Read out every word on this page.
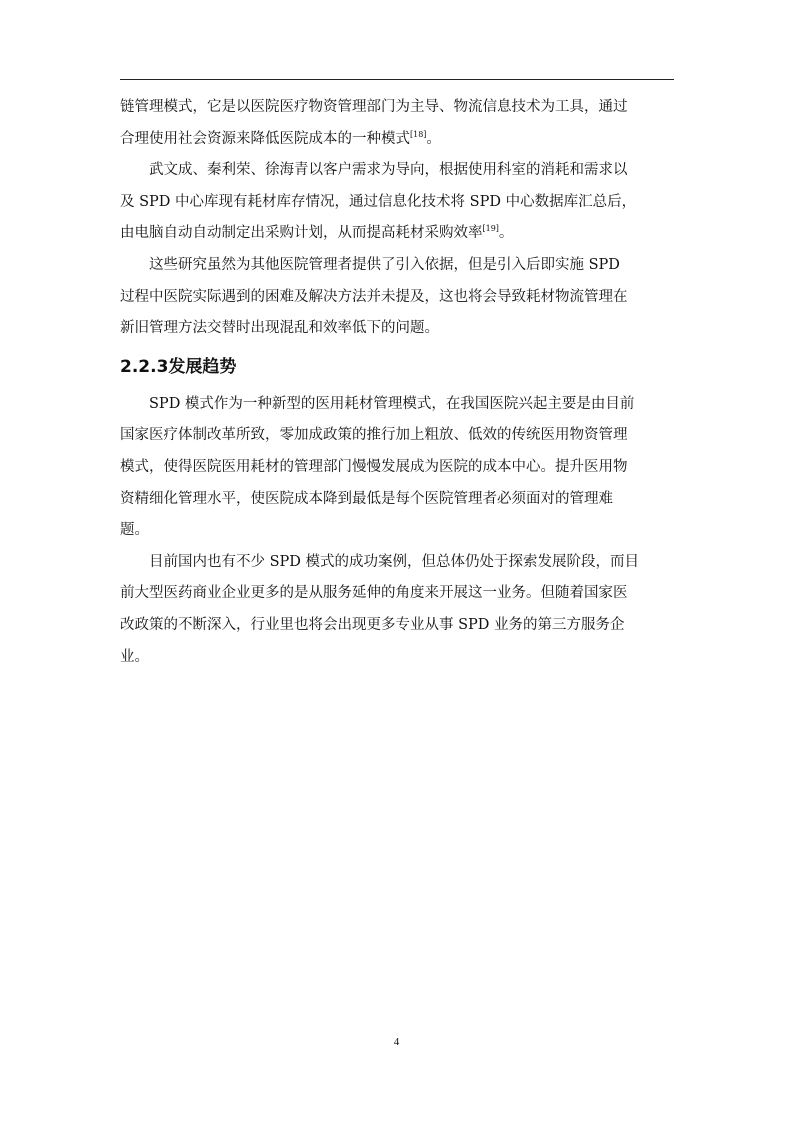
链管理模式，它是以医院医疗物资管理部门为主导、物流信息技术为工具，通过
合理使用社会资源来降低医院成本的一种模式[18]。

武文成、秦利荣、徐海青以客户需求为导向，根据使用科室的消耗和需求以
及 SPD 中心库现有耗材库存情况，通过信息化技术将 SPD 中心数据库汇总后，
由电脑自动自动制定出采购计划，从而提高耗材采购效率[19]。

这些研究虽然为其他医院管理者提供了引入依据，但是引入后即实施 SPD
过程中医院实际遇到的困难及解决方法并未提及，这也将会导致耗材物流管理在
新旧管理方法交替时出现混乱和效率低下的问题。

2.2.3发展趋势

SPD 模式作为一种新型的医用耗材管理模式，在我国医院兴起主要是由目前
国家医疗体制改革所致，零加成政策的推行加上粗放、低效的传统医用物资管理
模式，使得医院医用耗材的管理部门慢慢发展成为医院的成本中心。提升医用物
资精细化管理水平，使医院成本降到最低是每个医院管理者必须面对的管理难
题。

目前国内也有不少 SPD 模式的成功案例，但总体仍处于探索发展阶段，而目
前大型医药商业企业更多的是从服务延伸的角度来开展这一业务。但随着国家医
改政策的不断深入，行业里也将会出现更多专业从事 SPD 业务的第三方服务企
业。

4
